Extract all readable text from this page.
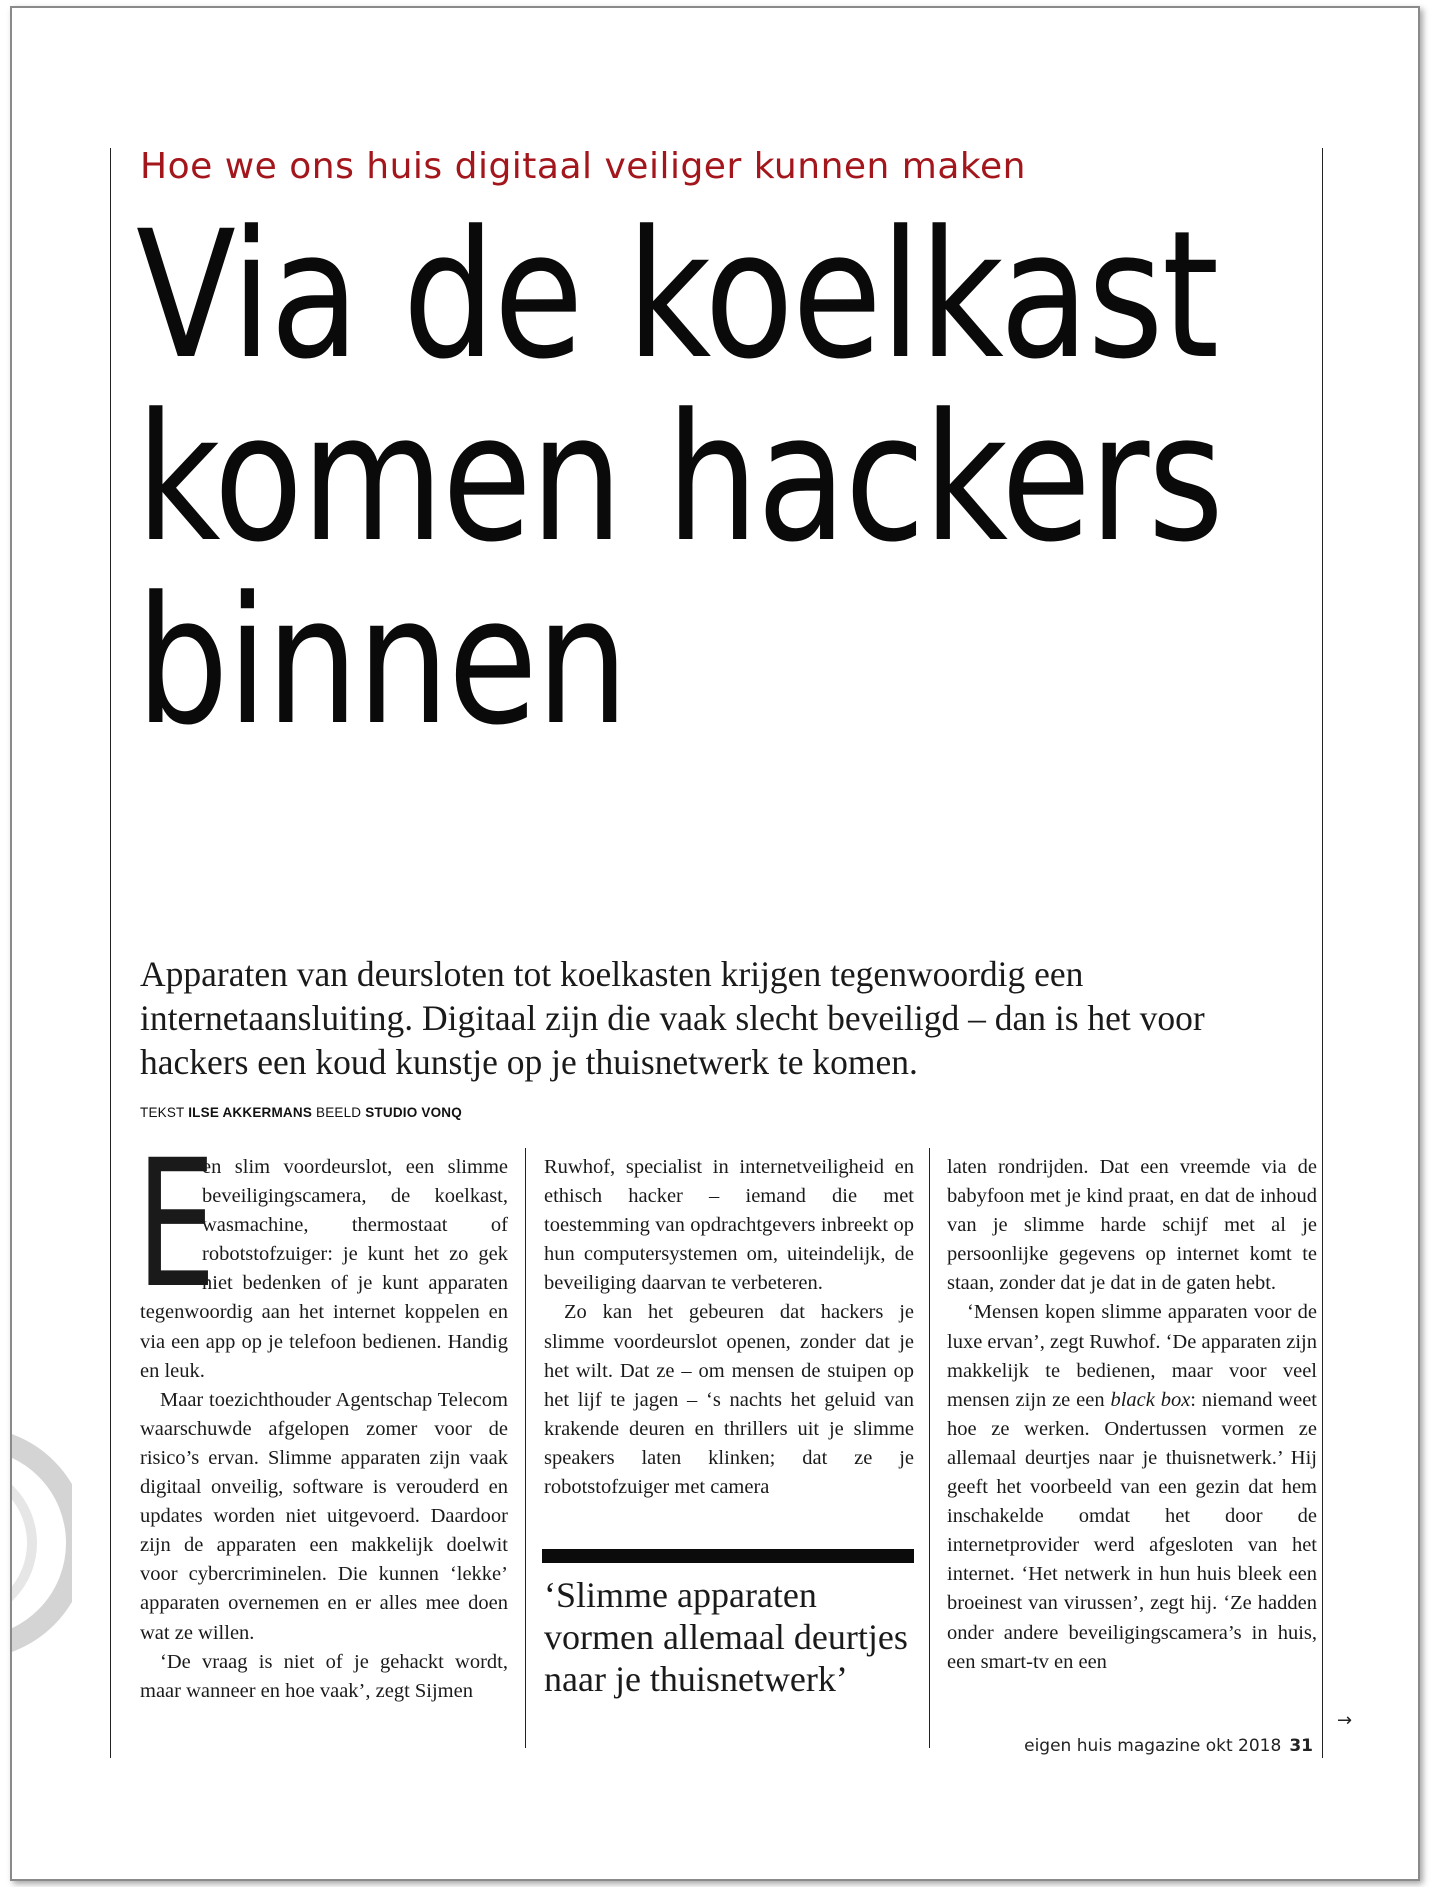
Hoe we ons huis digitaal veiliger kunnen maken
Via de koelkast
komen hackers
binnen
Apparaten van deursloten tot koelkasten krijgen tegenwoordig een internetaansluiting. Digitaal zijn die vaak slecht beveiligd – dan is het voor hackers een koud kunstje op je thuisnetwerk te komen.
TEKST ILSE AKKERMANS BEELD STUDIO VONQ

E
en slim voordeurslot, een slimme beveiligingscamera, de koelkast, wasmachine, thermostaat of robotstofzuiger: je kunt het zo gek niet bedenken of je kunt apparaten tegenwoordig aan het internet koppelen en via een app op je telefoon bedienen. Handig en leuk.

Maar toezichthouder Agentschap Telecom waarschuwde afgelopen zomer voor de risico’s ervan. Slimme apparaten zijn vaak digitaal onveilig, software is verouderd en updates worden niet uitgevoerd. Daardoor zijn de apparaten een makkelijk doelwit voor cybercriminelen. Die kunnen ‘lekke’ apparaten overnemen en er alles mee doen wat ze willen.

‘De vraag is niet of je gehackt wordt, maar wanneer en hoe vaak’, zegt Sijmen

Ruwhof, specialist in internetveiligheid en ethisch hacker – iemand die met toestemming van opdrachtgevers inbreekt op hun computersystemen om, uiteindelijk, de beveiliging daarvan te verbeteren.

Zo kan het gebeuren dat hackers je slimme voordeurslot openen, zonder dat je het wilt. Dat ze – om mensen de stuipen op het lijf te jagen – ‘s nachts het geluid van krakende deuren en thrillers uit je slimme speakers laten klinken; dat ze je robotstofzuiger met camera

‘Slimme apparaten vormen allemaal deurtjes naar je thuisnetwerk’

laten rondrijden. Dat een vreemde via de babyfoon met je kind praat, en dat de inhoud van je slimme harde schijf met al je persoonlijke gegevens op internet komt te staan, zonder dat je dat in de gaten hebt.

‘Mensen kopen slimme apparaten voor de luxe ervan’, zegt Ruwhof. ‘De apparaten zijn makkelijk te bedienen, maar voor veel mensen zijn ze een black box: niemand weet hoe ze werken. Ondertussen vormen ze allemaal deurtjes naar je thuisnetwerk.’ Hij geeft het voorbeeld van een gezin dat hem inschakelde omdat het door de internetprovider werd afgesloten van het internet. ‘Het netwerk in hun huis bleek een broeinest van virussen’, zegt hij. ‘Ze hadden onder andere beveiligingscamera’s in huis, een smart-tv en een

→
eigen huis magazine okt 2018 31
